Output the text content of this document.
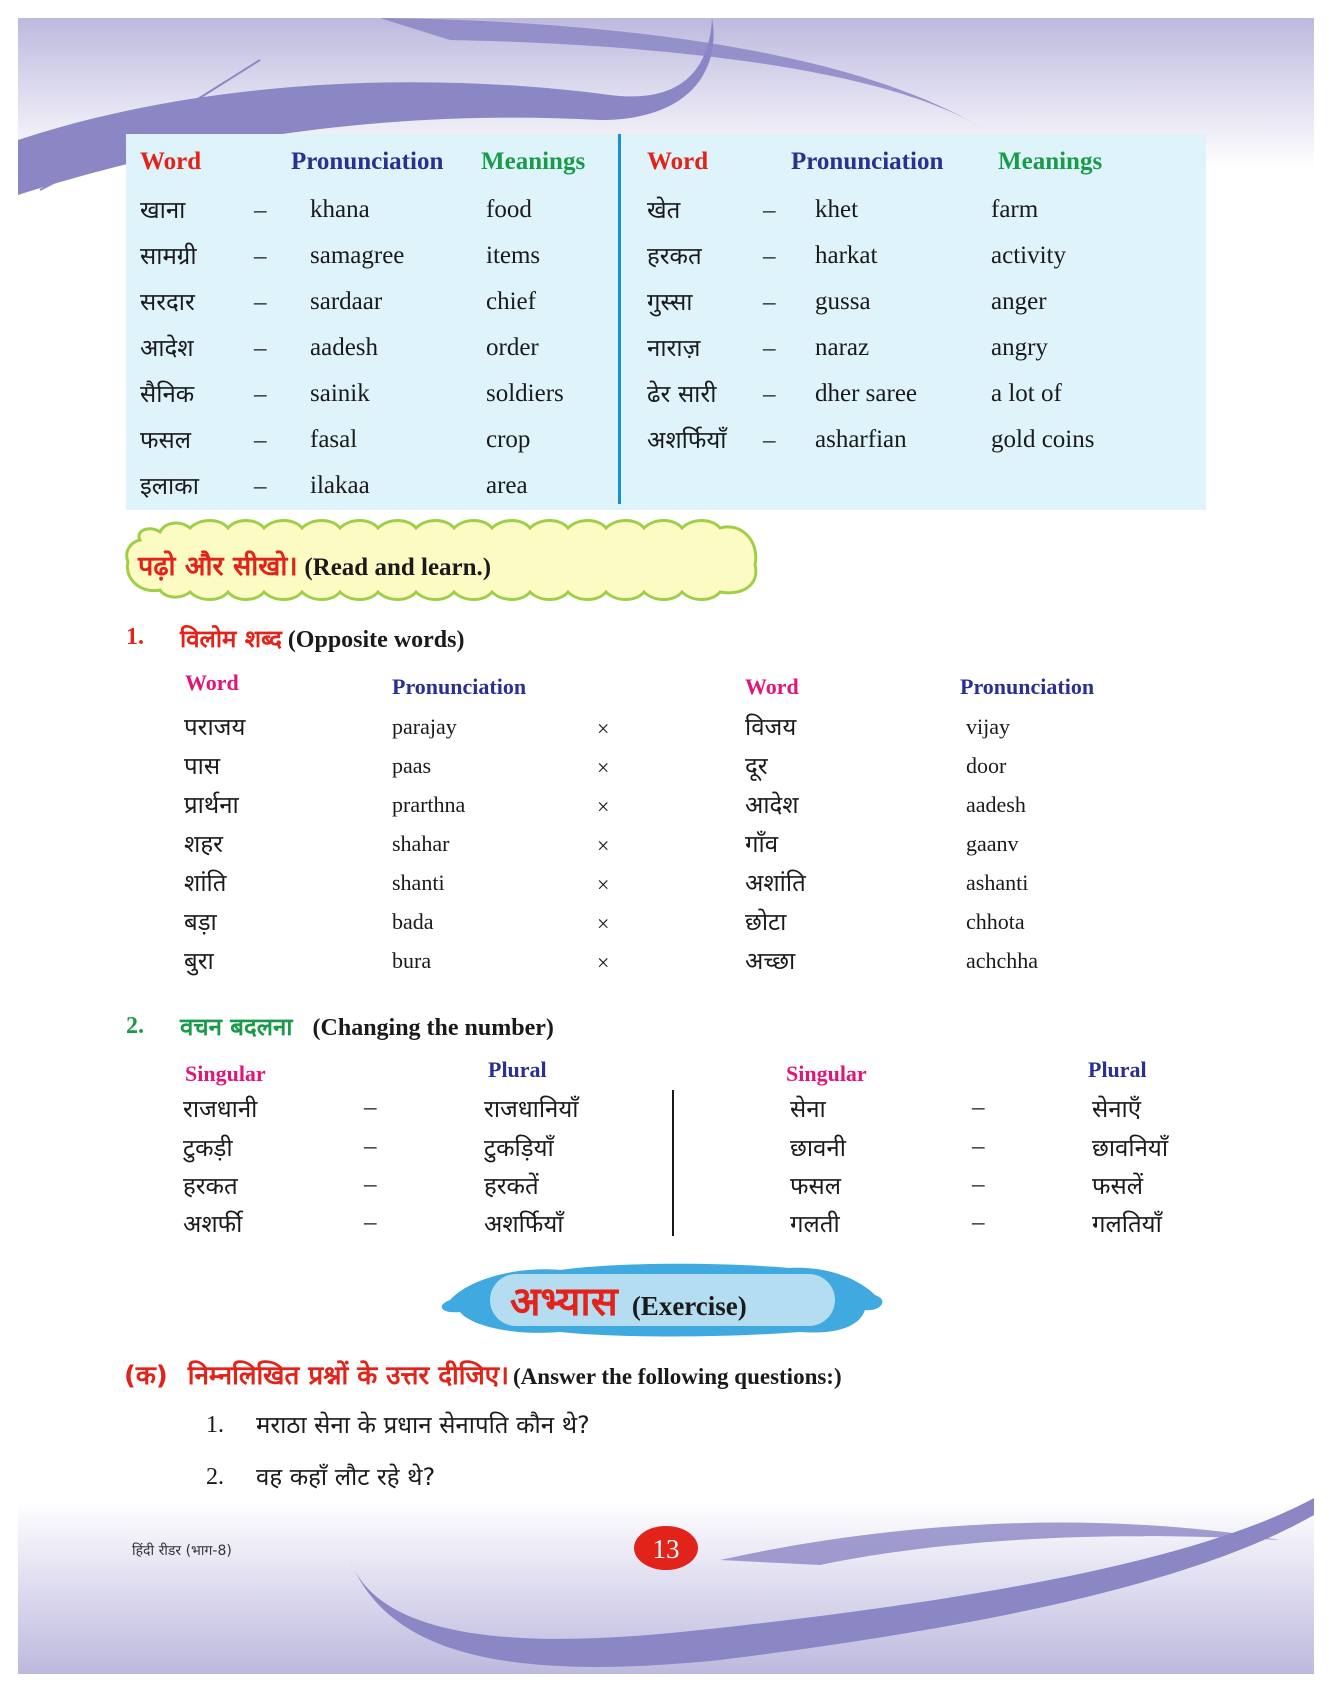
Word	Pronunciation Meanings Word	Pronunciation Meanings
खाना	– khana	food
सामग्री – samagree	items
सरदार – sardaar	chief
आदेश – aadesh	order
सैनिक – sainik	soldiers
फसल	– fasal	crop
इलाका – ilakaa	area
खेत	– khet	farm
हरकत – harkat	activity
गुस्सा	– gussa	anger
नाराज़	– naraz	angry
ढेर सारी – dher saree	a lot of
अशर्फियाँ – asharfian	gold coins
पढ़ो और सीखो। (Read and learn.)
1. विलोम शब्द (Opposite words)
Word	Pronunciation	Word	Pronunciation
पराजय	parajay	×	विजय	vijay
पास	paas	×	दूर	door
प्रार्थना	prarthna	×	आदेश	aadesh
शहर	shahar	×	गाँव	gaanv
शांति	shanti	×	अशांति	ashanti
बड़ा	bada	×	छोटा	chhota
बुरा	bura	×	अच्छा	achchha
2. वचन बदलना (Changing the number)
Singular	Plural	Singular	Plural
राजधानी	–	राजधानियाँ	सेना	–	सेनाएँ
टुकड़ी	–	टुकड़ियाँ	छावनी	–	छावनियाँ
हरकत	–	हरकतें	फसल	–	फसलें
अशर्फी	–	अशर्फियाँ	गलती	–	गलतियाँ
अभ्यास (Exercise)
(क) निम्नलिखित प्रश्नों के उत्तर दीजिए। (Answer the following questions:)
1. मराठा सेना के प्रधान सेनापति कौन थे?
2. वह कहाँ लौट रहे थे?
हिंदी रीडर (भाग-8)	13
